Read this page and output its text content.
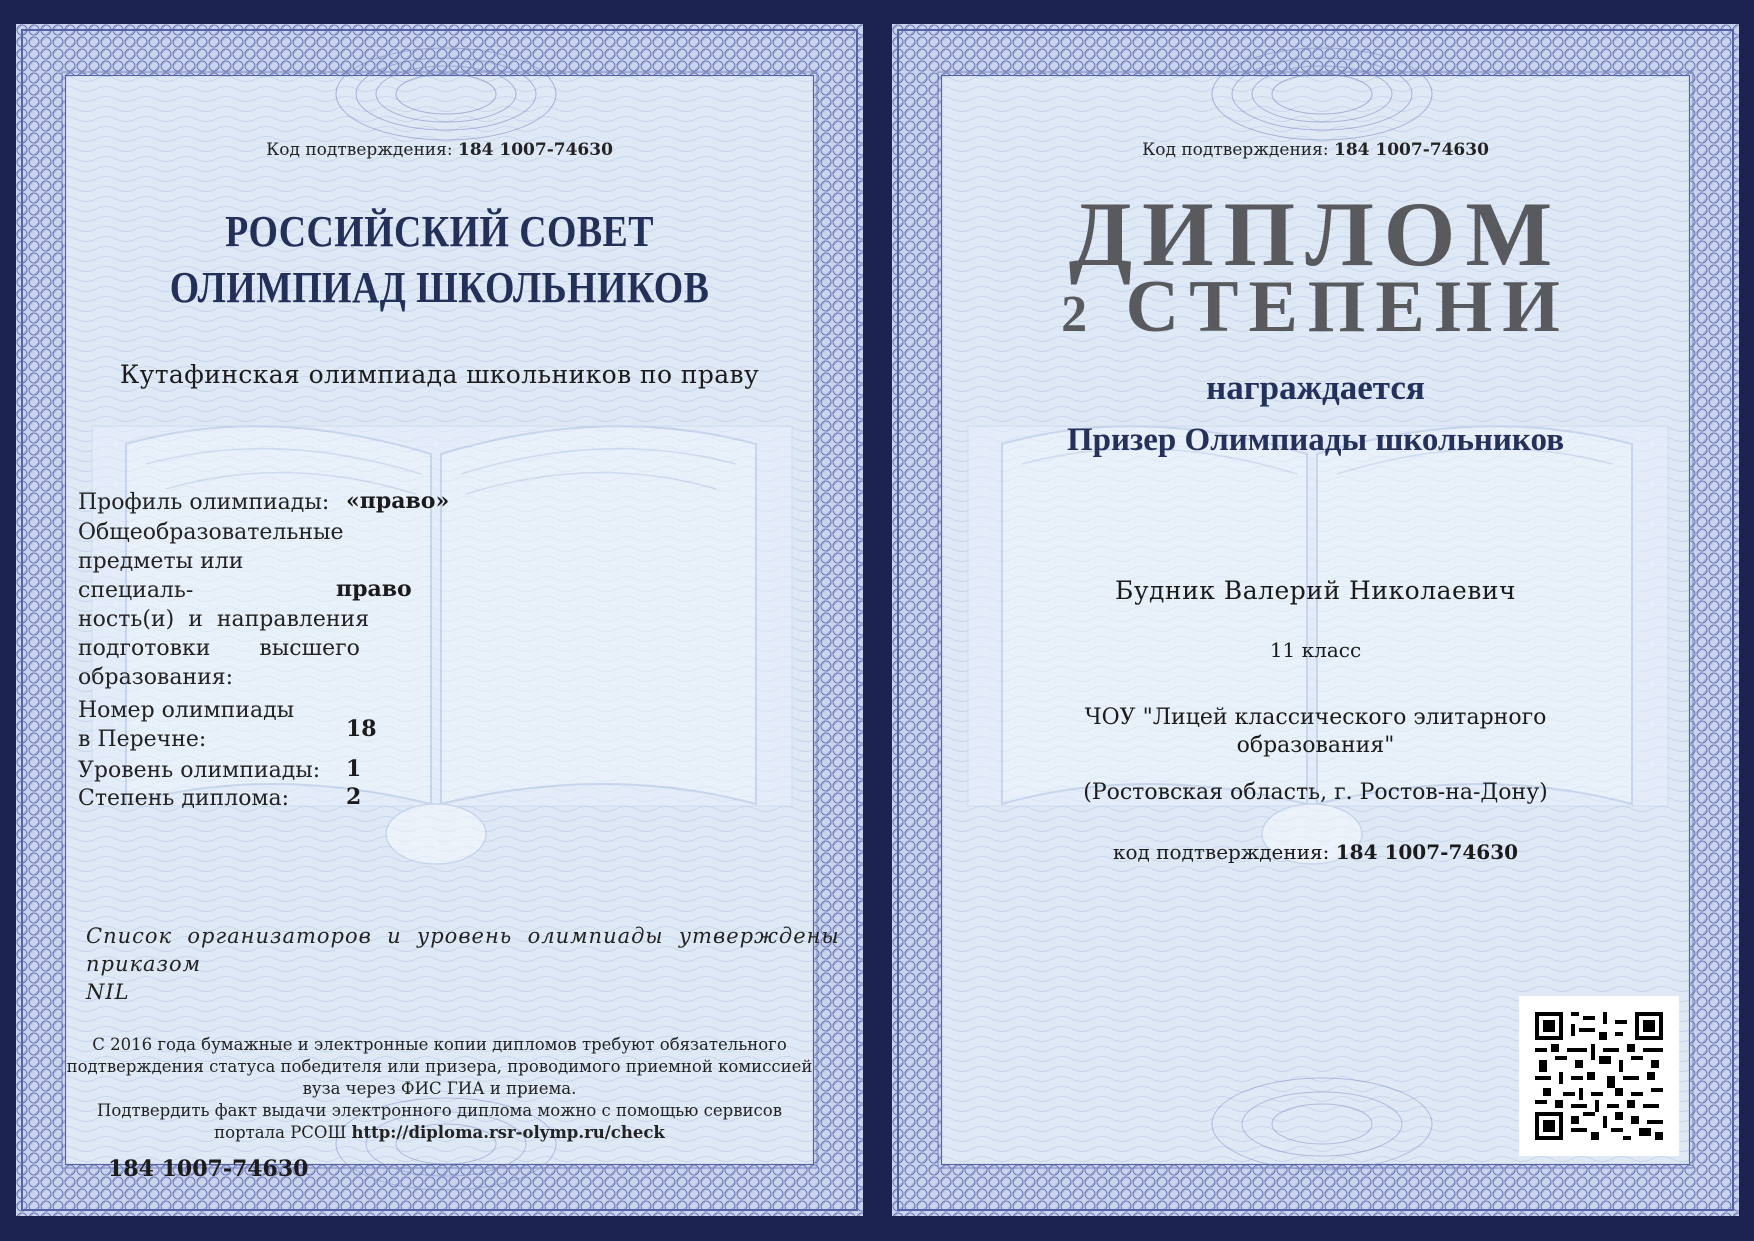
Код подтверждения: 184 1007-74630

РОССИЙСКИЙ СОВЕТ
ОЛИМПИАД ШКОЛЬНИКОВ

Кутафинская олимпиада школьников по праву

Профиль олимпиады: «право»
Общеобразовательные
предметы или специаль-
ность(и)  и  направления
подготовки       высшего
образования:
право
Номер олимпиады
в Перечне:	18
Уровень олимпиады:	1
Степень диплома:	2
Список  организаторов  и  уровень  олимпиады  утверждены
приказом
NIL
С 2016 года бумажные и электронные копии дипломов требуют обязательного
подтверждения статуса победителя или призера, проводимого приемной комиссией
вуза через ФИС ГИА и приема.
Подтвердить факт выдачи электронного диплома можно с помощью сервисов
портала РСОШ http://diploma.rsr-olymp.ru/check

184 1007-74630

Код подтверждения: 184 1007-74630

ДИПЛОМ
2 СТЕПЕНИ
награждается
Призер Олимпиады школьников
Будник Валерий Николаевич
11 класс
ЧОУ "Лицей классического элитарного
образования"
(Ростовская область, г. Ростов-на-Дону)
код подтверждения: 184 1007-74630
